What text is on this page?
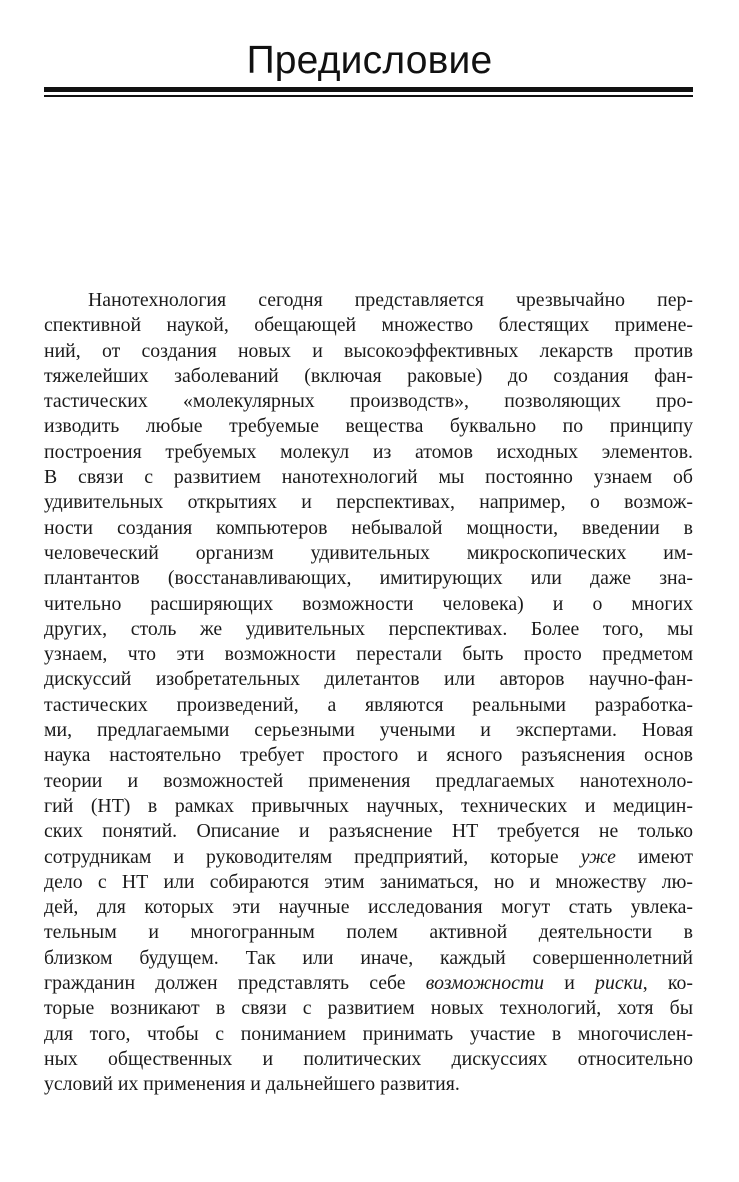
Предисловие
Нанотехнология сегодня представляется чрезвычайно пер-
спективной наукой, обещающей множество блестящих примене-
ний, от создания новых и высокоэффективных лекарств против
тяжелейших заболеваний (включая раковые) до создания фан-
тастических «молекулярных производств», позволяющих про-
изводить любые требуемые вещества буквально по принципу
построения требуемых молекул из атомов исходных элементов.
В связи с развитием нанотехнологий мы постоянно узнаем об
удивительных открытиях и перспективах, например, о возмож-
ности создания компьютеров небывалой мощности, введении в
человеческий организм удивительных микроскопических им-
плантантов (восстанавливающих, имитирующих или даже зна-
чительно расширяющих возможности человека) и о многих
других, столь же удивительных перспективах. Более того, мы
узнаем, что эти возможности перестали быть просто предметом
дискуссий изобретательных дилетантов или авторов научно-фан-
тастических произведений, а являются реальными разработка-
ми, предлагаемыми серьезными учеными и экспертами. Новая
наука настоятельно требует простого и ясного разъяснения основ
теории и возможностей применения предлагаемых нанотехноло-
гий (НТ) в рамках привычных научных, технических и медицин-
ских понятий. Описание и разъяснение НТ требуется не только
сотрудникам и руководителям предприятий, которые уже имеют
дело с НТ или собираются этим заниматься, но и множеству лю-
дей, для которых эти научные исследования могут стать увлека-
тельным и многогранным полем активной деятельности в
близком будущем. Так или иначе, каждый совершеннолетний
гражданин должен представлять себе возможности и риски, ко-
торые возникают в связи с развитием новых технологий, хотя бы
для того, чтобы с пониманием принимать участие в многочислен-
ных общественных и политических дискуссиях относительно
условий их применения и дальнейшего развития.
